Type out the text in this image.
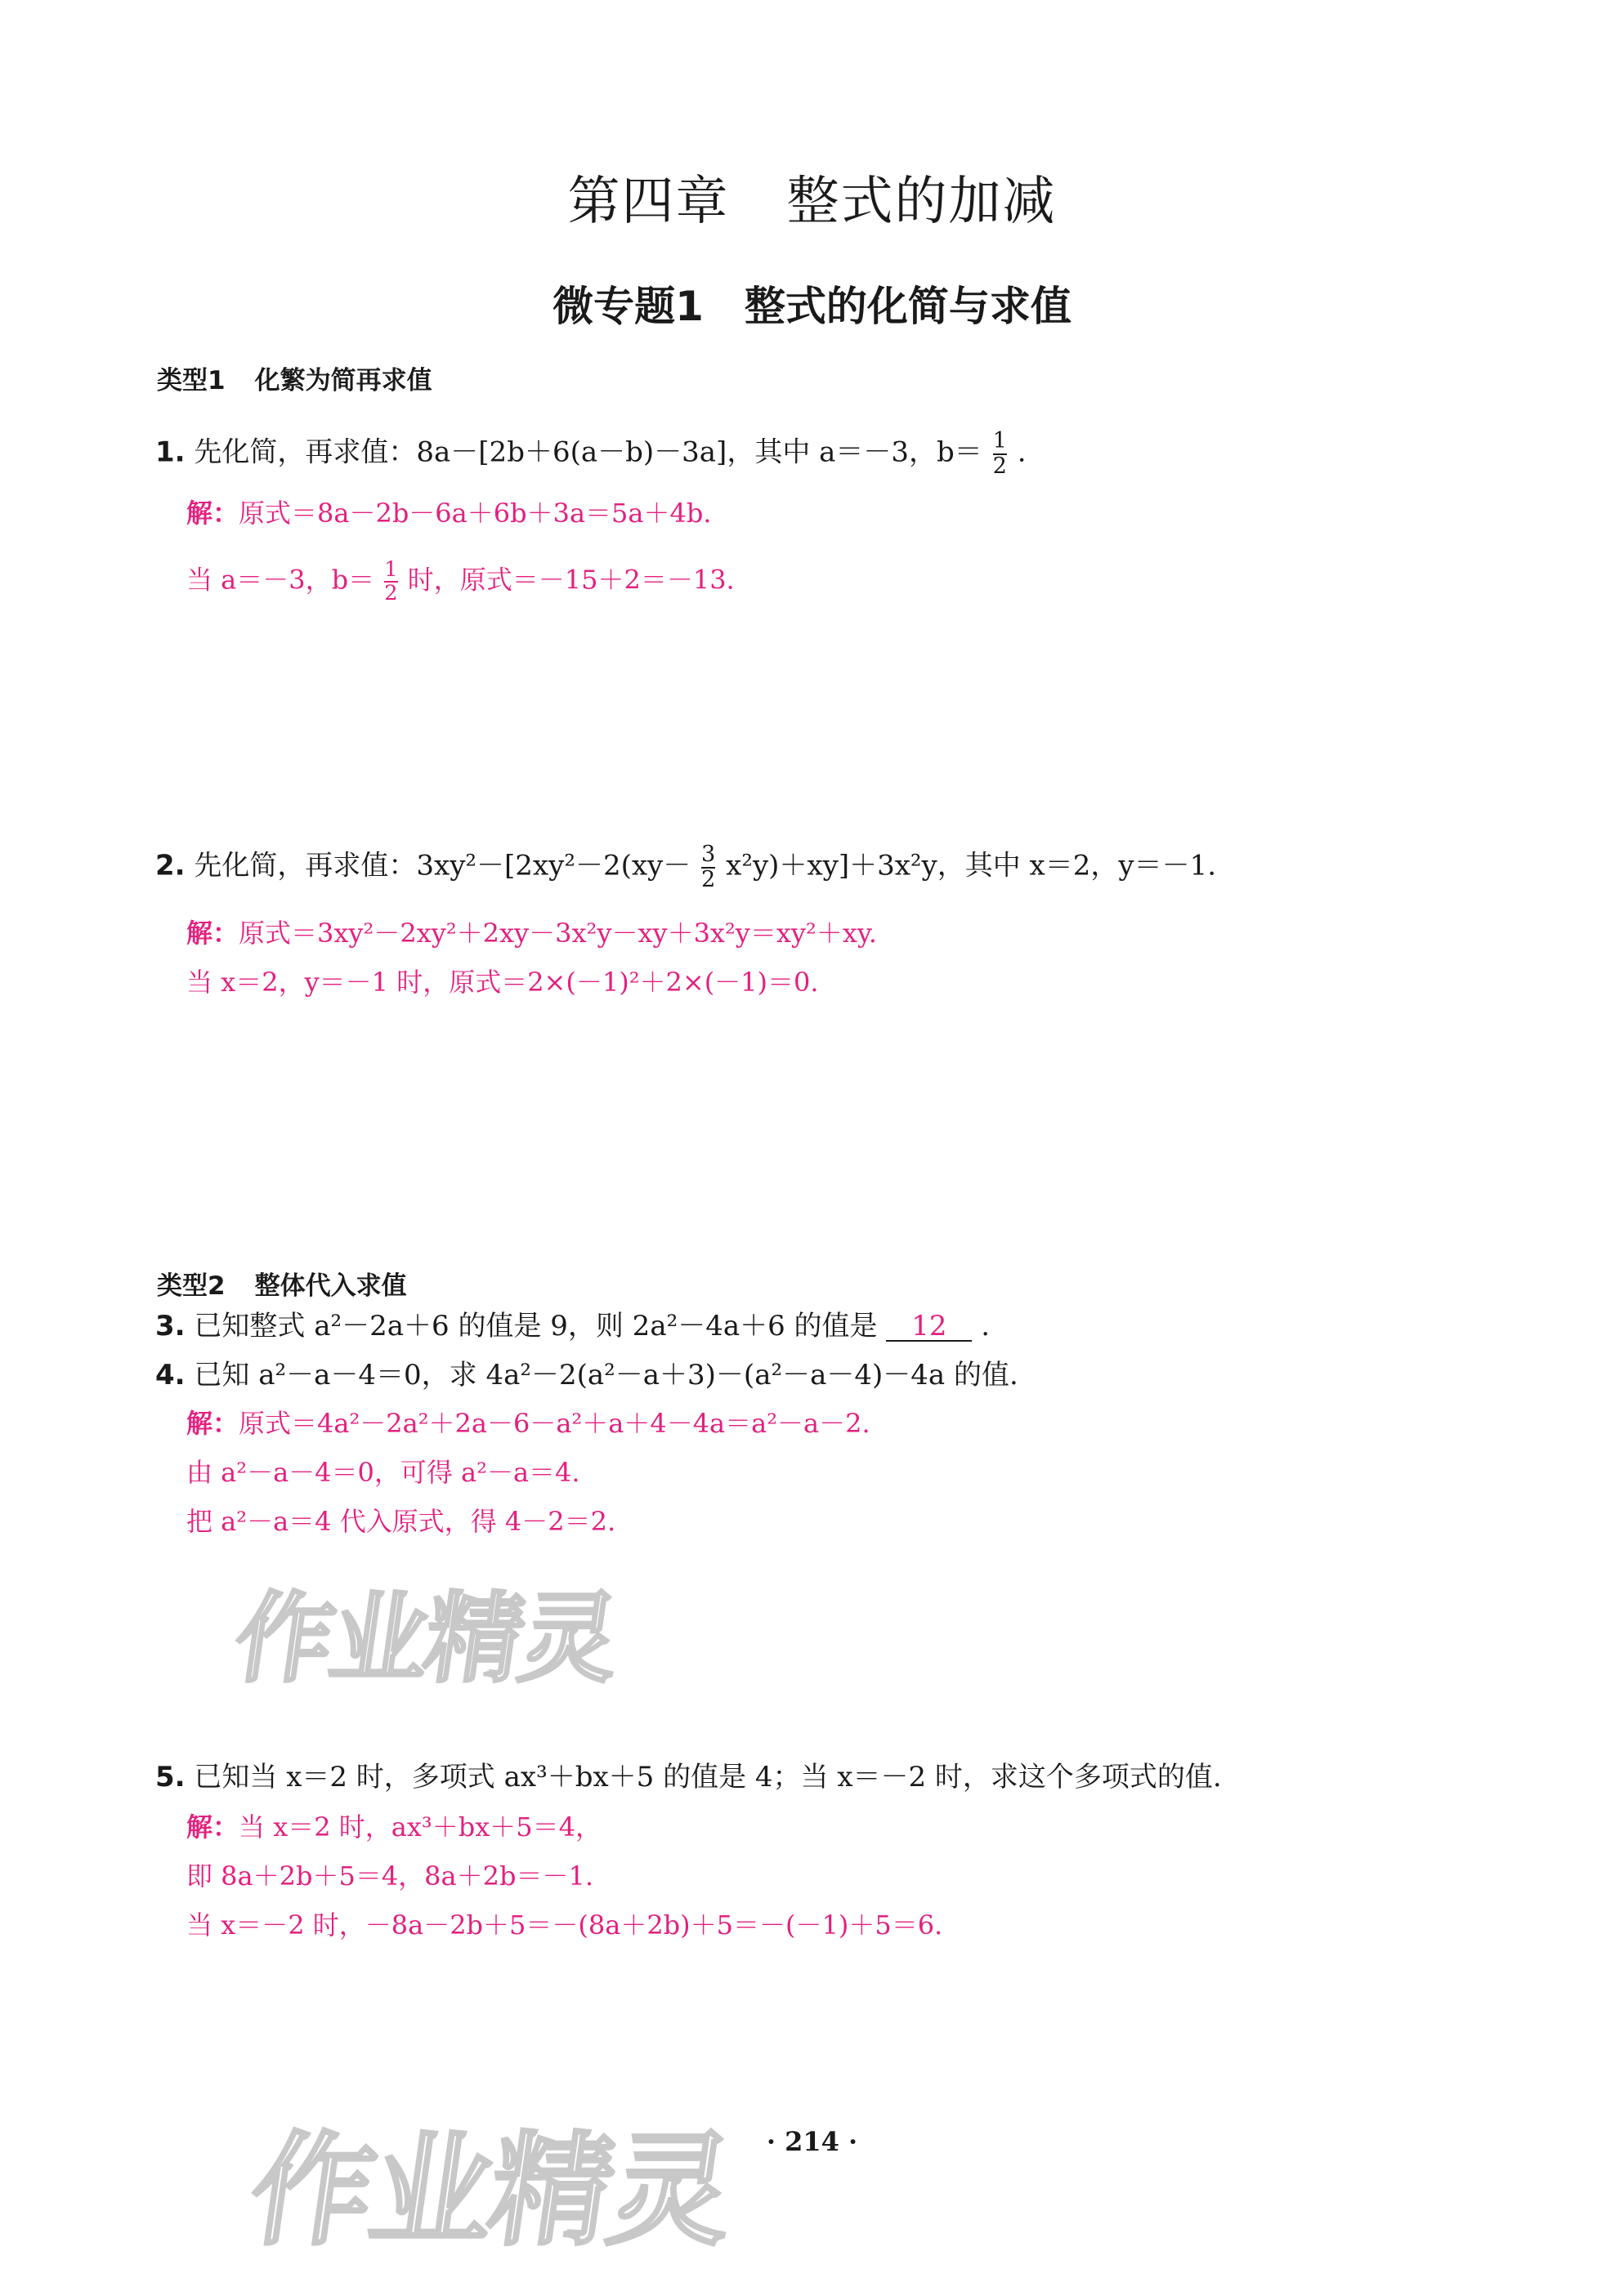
第四章 整式的加减
微专题1 整式的化简与求值
类型1 化繁为简再求值
1. 先化简，再求值：8a－[2b＋6(a－b)－3a]，其中 a＝－3，$b= \frac{1}{2}$ .
解：原式＝8a－2b－6a＋6b＋3a＝5a＋4b.
当 a＝－3，$b= \frac{1}{2}$ 时，原式＝－15＋2＝－13.
2. 先化简，再求值：$3xy^2-[2xy^2-2(xy- \frac{3}{2} x^2y)+xy]+3x^2y$，其中 x＝2，y＝－1.
解：原式＝3xy²－2xy²＋2xy－3x²y－xy＋3x²y＝xy²＋xy.
当 x＝2，y＝－1 时，原式＝2×(－1)²＋2×(－1)＝0.
类型2 整体代入求值
3. 已知整式 a²－2a＋6 的值是 9，则 2a²－4a＋6 的值是 12 .
4. 已知 a²－a－4＝0，求 4a²－2(a²－a＋3)－(a²－a－4)－4a 的值.
解：原式＝4a²－2a²＋2a－6－a²＋a＋4－4a＝a²－a－2.
由 a²－a－4＝0，可得 a²－a＝4.
把 a²－a＝4 代入原式，得 4－2＝2.
作业精灵
5. 已知当 x＝2 时，多项式 ax³＋bx＋5 的值是 4；当 x＝－2 时，求这个多项式的值.
解：当 x＝2 时，ax³＋bx＋5＝4，
即 8a＋2b＋5＝4，8a＋2b＝－1.
当 x＝－2 时，－8a－2b＋5＝－(8a＋2b)＋5＝－(－1)＋5＝6.
作业精灵	· 214 ·
